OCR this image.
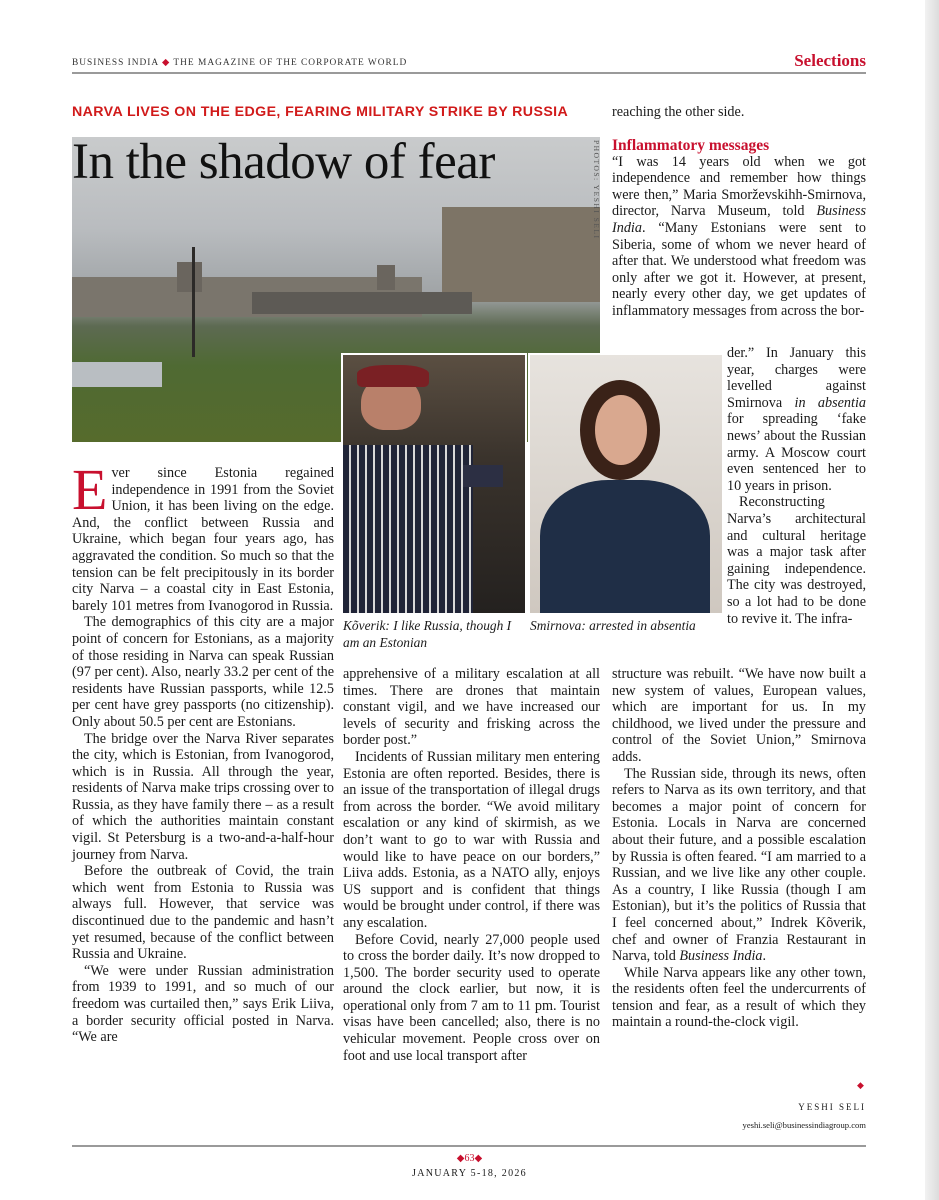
BUSINESS INDIA ◆ THE MAGAZINE OF THE CORPORATE WORLD	Selections
NARVA LIVES ON THE EDGE, FEARING MILITARY STRIKE BY RUSSIA
In the shadow of fear	PHOTOS: YESHI SELI
Kõverik: I like Russia, though I am an Estonian
Smirnova: arrested in absentia
E ver since Estonia regained independence in 1991 from the Soviet Union, it has been living on the edge. And, the conflict between Russia and Ukraine, which began four years ago, has aggravated the condition. So much so that the tension can be felt precipitously in its border city Narva – a coastal city in East Estonia, barely 101 metres from Ivanogorod in Russia.

The demographics of this city are a major point of concern for Estonians, as a majority of those residing in Narva can speak Russian (97 per cent). Also, nearly 33.2 per cent of the residents have Russian passports, while 12.5 per cent have grey passports (no citizenship). Only about 50.5 per cent are Estonians.

The bridge over the Narva River separates the city, which is Estonian, from Ivanogorod, which is in Russia. All through the year, residents of Narva make trips crossing over to Russia, as they have family there – as a result of which the authorities maintain constant vigil. St Petersburg is a two-and-a-half-hour journey from Narva.

Before the outbreak of Covid, the train which went from Estonia to Russia was always full. However, that service was discontinued due to the pandemic and hasn’t yet resumed, because of the conflict between Russia and Ukraine.

“We were under Russian administration from 1939 to 1991, and so much of our freedom was curtailed then,” says Erik Liiva, a border security official posted in Narva. “We are

apprehensive of a military escalation at all times. There are drones that maintain constant vigil, and we have increased our levels of security and frisking across the border post.”

Incidents of Russian military men entering Estonia are often reported. Besides, there is an issue of the transportation of illegal drugs from across the border. “We avoid military escalation or any kind of skirmish, as we don’t want to go to war with Russia and would like to have peace on our borders,” Liiva adds. Estonia, as a NATO ally, enjoys US support and is confident that things would be brought under control, if there was any escalation.

Before Covid, nearly 27,000 people used to cross the border daily. It’s now dropped to 1,500. The border security used to operate around the clock earlier, but now, it is operational only from 7 am to 11 pm. Tourist visas have been cancelled; also, there is no vehicular movement. People cross over on foot and use local transport after

reaching the other side.

Inflammatory messages

“I was 14 years old when we got independence and remember how things were then,” Maria Smorževskihh-Smirnova, director, Narva Museum, told Business India. “Many Estonians were sent to Siberia, some of whom we never heard of after that. We understood what freedom was only after we got it. However, at present, nearly every other day, we get updates of inflammatory messages from across the bor-

der.” In January this year, charges were levelled against Smirnova in absentia for spreading ‘fake news’ about the Russian army. A Moscow court even sentenced her to 10 years in prison.

Reconstructing Narva’s architectural and cultural heritage was a major task after gaining independence. The city was destroyed, so a lot had to be done to revive it. The infra-

structure was rebuilt. “We have now built a new system of values, European values, which are important for us. In my childhood, we lived under the pressure and control of the Soviet Union,” Smirnova adds.

The Russian side, through its news, often refers to Narva as its own territory, and that becomes a major point of concern for Estonia. Locals in Narva are concerned about their future, and a possible escalation by Russia is often feared. “I am married to a Russian, and we live like any other couple. As a country, I like Russia (though I am Estonian), but it’s the politics of Russia that I feel concerned about,” Indrek Kõverik, chef and owner of Franzia Restaurant in Narva, told Business India.

While Narva appears like any other town, the residents often feel the undercurrents of tension and fear, as a result of which they maintain a round-the-clock vigil.

◆
YESHI SELI
yeshi.seli@businessindiagroup.com
◆63◆
JANUARY 5-18, 2026
